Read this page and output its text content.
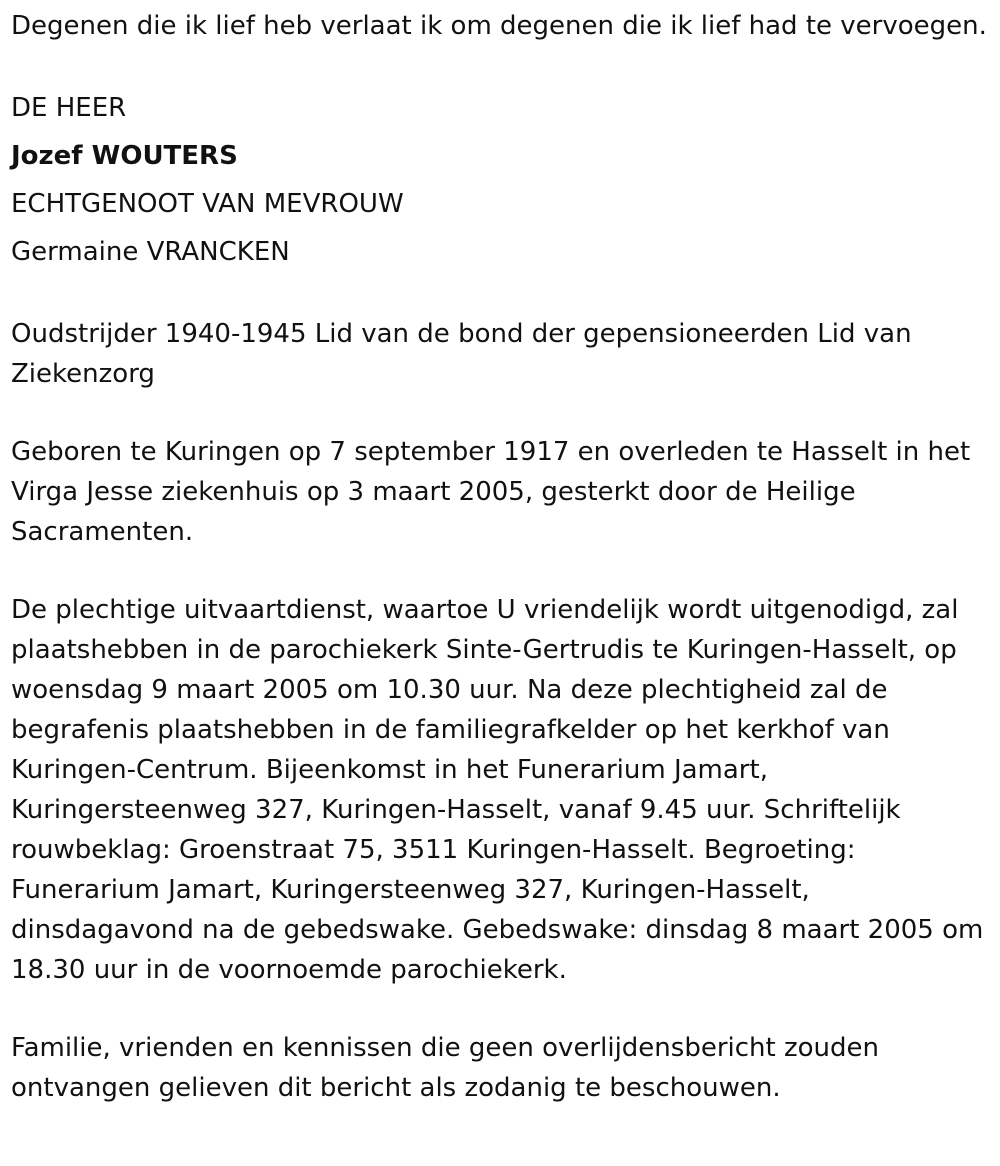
Degenen die ik lief heb verlaat ik om degenen die ik lief had te vervoegen.

DE HEER

Jozef WOUTERS

ECHTGENOOT VAN MEVROUW

Germaine VRANCKEN

Oudstrijder 1940-1945 Lid van de bond der gepensioneerden Lid van Ziekenzorg

Geboren te Kuringen op 7 september 1917 en overleden te Hasselt in het Virga Jesse ziekenhuis op 3 maart 2005, gesterkt door de Heilige Sacramenten.

De plechtige uitvaartdienst, waartoe U vriendelijk wordt uitgenodigd, zal plaatshebben in de parochiekerk Sinte-Gertrudis te Kuringen-Hasselt, op woensdag 9 maart 2005 om 10.30 uur. Na deze plechtigheid zal de begrafenis plaatshebben in de familiegrafkelder op het kerkhof van Kuringen-Centrum. Bijeenkomst in het Funerarium Jamart, Kuringersteenweg 327, Kuringen-Hasselt, vanaf 9.45 uur. Schriftelijk rouwbeklag: Groenstraat 75, 3511 Kuringen-Hasselt. Begroeting: Funerarium Jamart, Kuringersteenweg 327, Kuringen-Hasselt, dinsdagavond na de gebedswake. Gebedswake: dinsdag 8 maart 2005 om 18.30 uur in de voornoemde parochiekerk.

Familie, vrienden en kennissen die geen overlijdensbericht zouden ontvangen gelieven dit bericht als zodanig te beschouwen.
